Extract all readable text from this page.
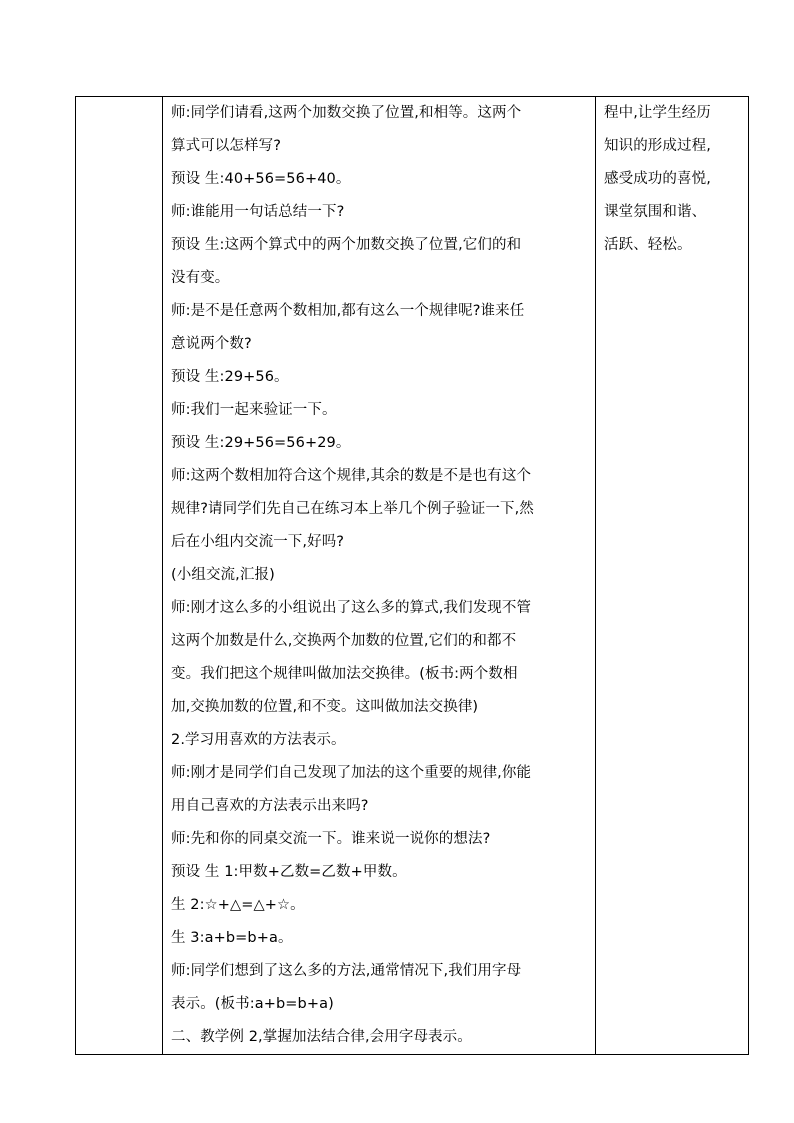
师:同学们请看,这两个加数交换了位置,和相等。这两个
算式可以怎样写?
预设 生:40+56=56+40。
师:谁能用一句话总结一下?
预设 生:这两个算式中的两个加数交换了位置,它们的和
没有变。
师:是不是任意两个数相加,都有这么一个规律呢?谁来任
意说两个数?
预设 生:29+56。
师:我们一起来验证一下。
预设 生:29+56=56+29。
师:这两个数相加符合这个规律,其余的数是不是也有这个
规律?请同学们先自己在练习本上举几个例子验证一下,然
后在小组内交流一下,好吗?
(小组交流,汇报)
师:刚才这么多的小组说出了这么多的算式,我们发现不管
这两个加数是什么,交换两个加数的位置,它们的和都不
变。我们把这个规律叫做加法交换律。(板书:两个数相
加,交换加数的位置,和不变。这叫做加法交换律)
2.学习用喜欢的方法表示。
师:刚才是同学们自己发现了加法的这个重要的规律,你能
用自己喜欢的方法表示出来吗?
师:先和你的同桌交流一下。谁来说一说你的想法?
预设 生 1:甲数+乙数=乙数+甲数。
生 2:☆+△=△+☆。
生 3:a+b=b+a。
师:同学们想到了这么多的方法,通常情况下,我们用字母
表示。(板书:a+b=b+a)
二、教学例 2,掌握加法结合律,会用字母表示。

程中,让学生经历
知识的形成过程,
感受成功的喜悦,
课堂氛围和谐、
活跃、轻松。
